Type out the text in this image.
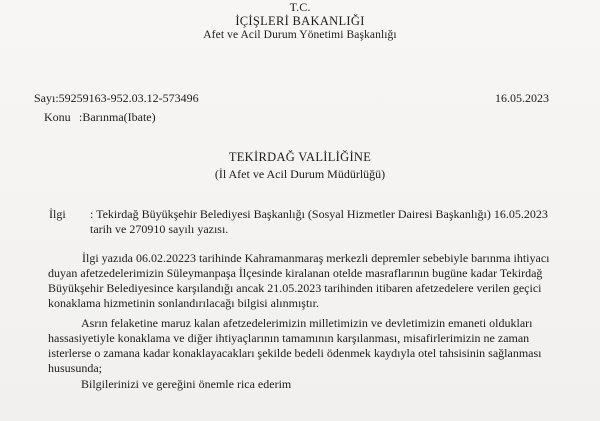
T.C.
İÇİŞLERİ BAKANLIĞI
Afet ve Acil Durum Yönetimi Başkanlığı
Sayı:59259163-952.03.12-573496	16.05.2023
Konu :Barınma(Ibate)
TEKİRDAĞ VALİLİĞİNE
(İl Afet ve Acil Durum Müdürlüğü)
İlgi : Tekirdağ Büyükşehir Belediyesi Başkanlığı (Sosyal Hizmetler Dairesi Başkanlığı) 16.05.2023
tarih ve 270910 sayılı yazısı.
İlgi yazıda 06.02.20223 tarihinde Kahramanmaraş merkezli depremler sebebiyle barınma ihtiyacı
duyan afetzedelerimizin Süleymanpaşa İlçesinde kiralanan otelde masraflarının bugüne kadar Tekirdağ
Büyükşehir Belediyesince karşılandığı ancak 21.05.2023 tarihinden itibaren afetzedelere verilen geçici
konaklama hizmetinin sonlandırılacağı bilgisi alınmıştır.
Asrın felaketine maruz kalan afetzedelerimizin milletimizin ve devletimizin emaneti oldukları
hassasiyetiyle konaklama ve diğer ihtiyaçlarının tamamının karşılanması, misafirlerimizin ne zaman
isterlerse o zamana kadar konaklayacakları şekilde bedeli ödenmek kaydıyla otel tahsisinin sağlanması
hususunda;
Bilgilerinizi ve gereğini önemle rica ederim
